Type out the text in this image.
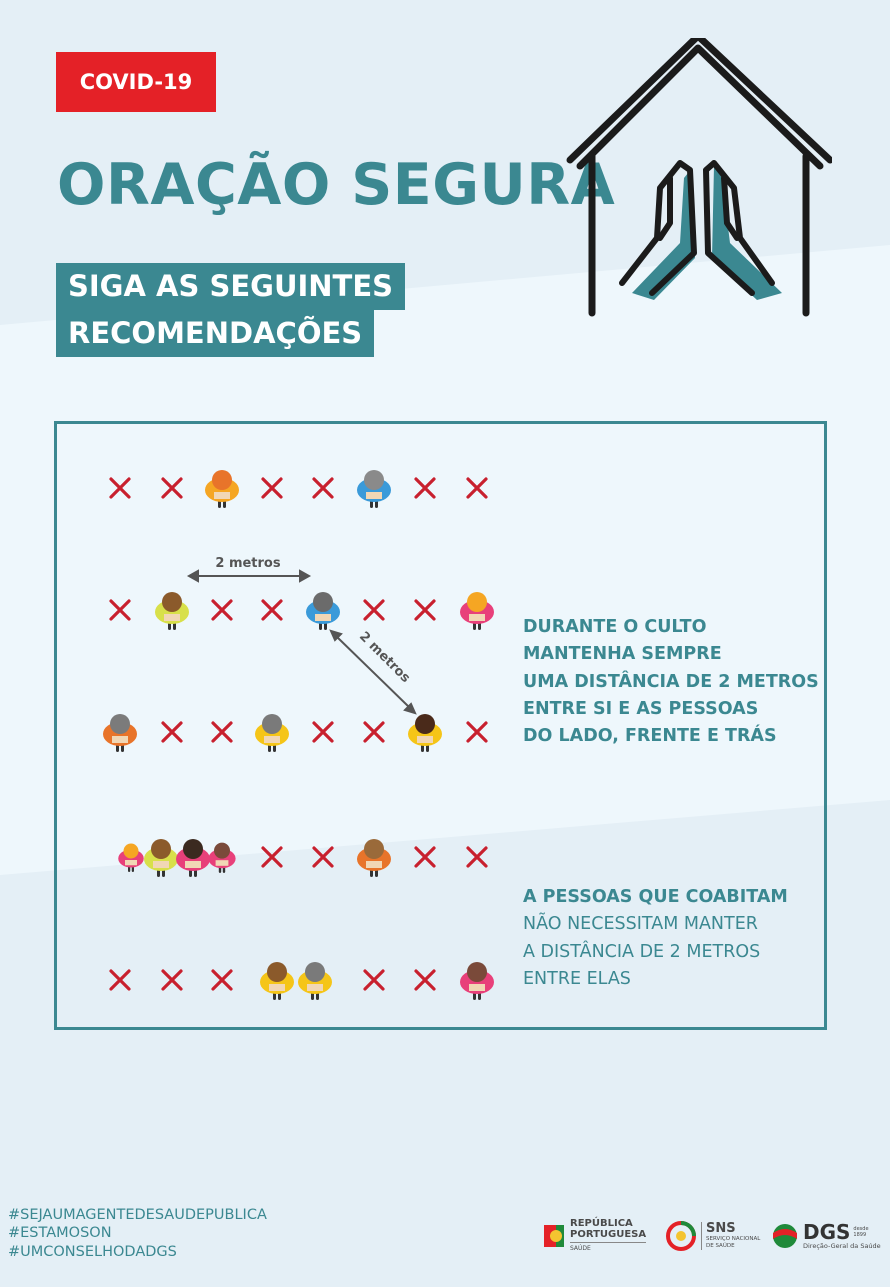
COVID-19
ORAÇÃO SEGURA
SIGA AS SEGUINTES
RECOMENDAÇÕES
2 metros
2 metros
DURANTE O CULTO
MANTENHA SEMPRE
UMA DISTÂNCIA DE 2 METROS
ENTRE SI E AS PESSOAS
DO LADO, FRENTE E TRÁS
A PESSOAS QUE COABITAM
NÃO NECESSITAM MANTER
A DISTÂNCIA DE 2 METROS
ENTRE ELAS
#SEJAUMAGENTEDESAUDEPUBLICA
#ESTAMOSON
#UMCONSELHODADGS
REPÚBLICA
PORTUGUESA
SAÚDE
SNS
SERVIÇO NACIONAL
DE SAÚDE
DGS desde
1899
Direção-Geral da Saúde
